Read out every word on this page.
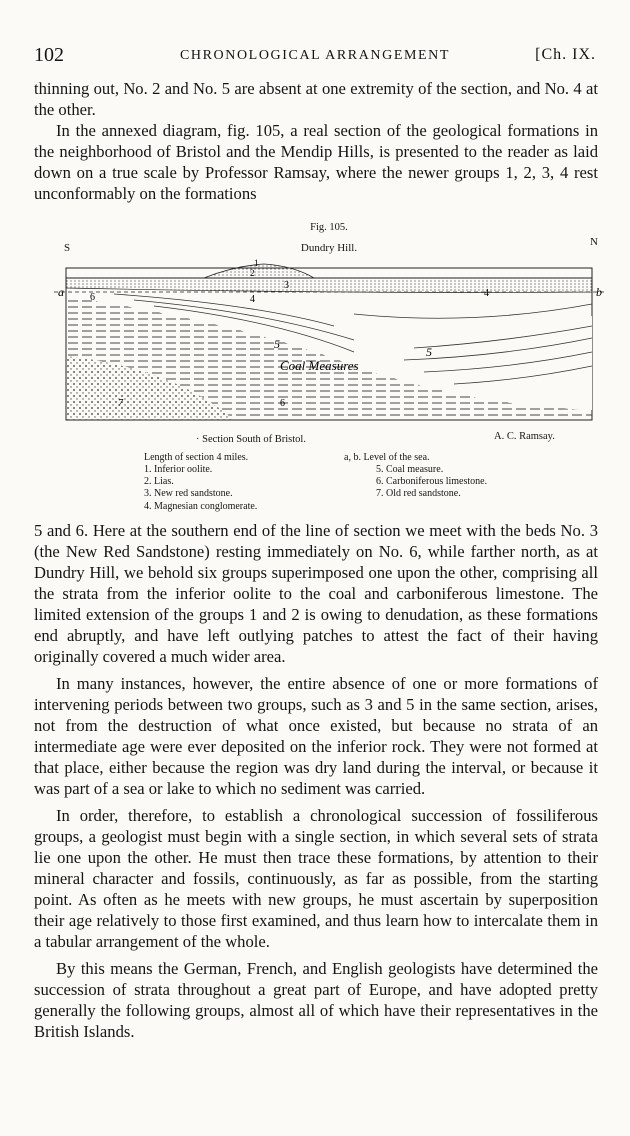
102	CHRONOLOGICAL ARRANGEMENT	[Ch. IX.

thinning out, No. 2 and No. 5 are absent at one extremity of the section, and No. 4 at the other.

In the annexed diagram, fig. 105, a real section of the geological formations in the neighborhood of Bristol and the Mendip Hills, is presented to the reader as laid down on a true scale by Professor Ramsay, where the newer groups 1, 2, 3, 4 rest unconformably on the formations

Fig. 105.
S	N
Dundry Hill.
a	b
1
2
3
4
4
6
5
5
Coal Measures
6
7
· Section South of Bristol.	A. C. Ramsay.
Length of section 4 miles.	a, b. Level of the sea.
1. Inferior oolite.
2. Lias.
3. New red sandstone.
4. Magnesian conglomerate.
5. Coal measure.
6. Carboniferous limestone.
7. Old red sandstone.

5 and 6. Here at the southern end of the line of section we meet with the beds No. 3 (the New Red Sandstone) resting immediately on No. 6, while farther north, as at Dundry Hill, we behold six groups superimposed one upon the other, comprising all the strata from the inferior oolite to the coal and carboniferous limestone. The limited extension of the groups 1 and 2 is owing to denudation, as these formations end abruptly, and have left outlying patches to attest the fact of their having originally covered a much wider area.

In many instances, however, the entire absence of one or more formations of intervening periods between two groups, such as 3 and 5 in the same section, arises, not from the destruction of what once existed, but because no strata of an intermediate age were ever deposited on the inferior rock. They were not formed at that place, either because the region was dry land during the interval, or because it was part of a sea or lake to which no sediment was carried.

In order, therefore, to establish a chronological succession of fossiliferous groups, a geologist must begin with a single section, in which several sets of strata lie one upon the other. He must then trace these formations, by attention to their mineral character and fossils, continuously, as far as possible, from the starting point. As often as he meets with new groups, he must ascertain by superposition their age relatively to those first examined, and thus learn how to intercalate them in a tabular arrangement of the whole.

By this means the German, French, and English geologists have determined the succession of strata throughout a great part of Europe, and have adopted pretty generally the following groups, almost all of which have their representatives in the British Islands.
